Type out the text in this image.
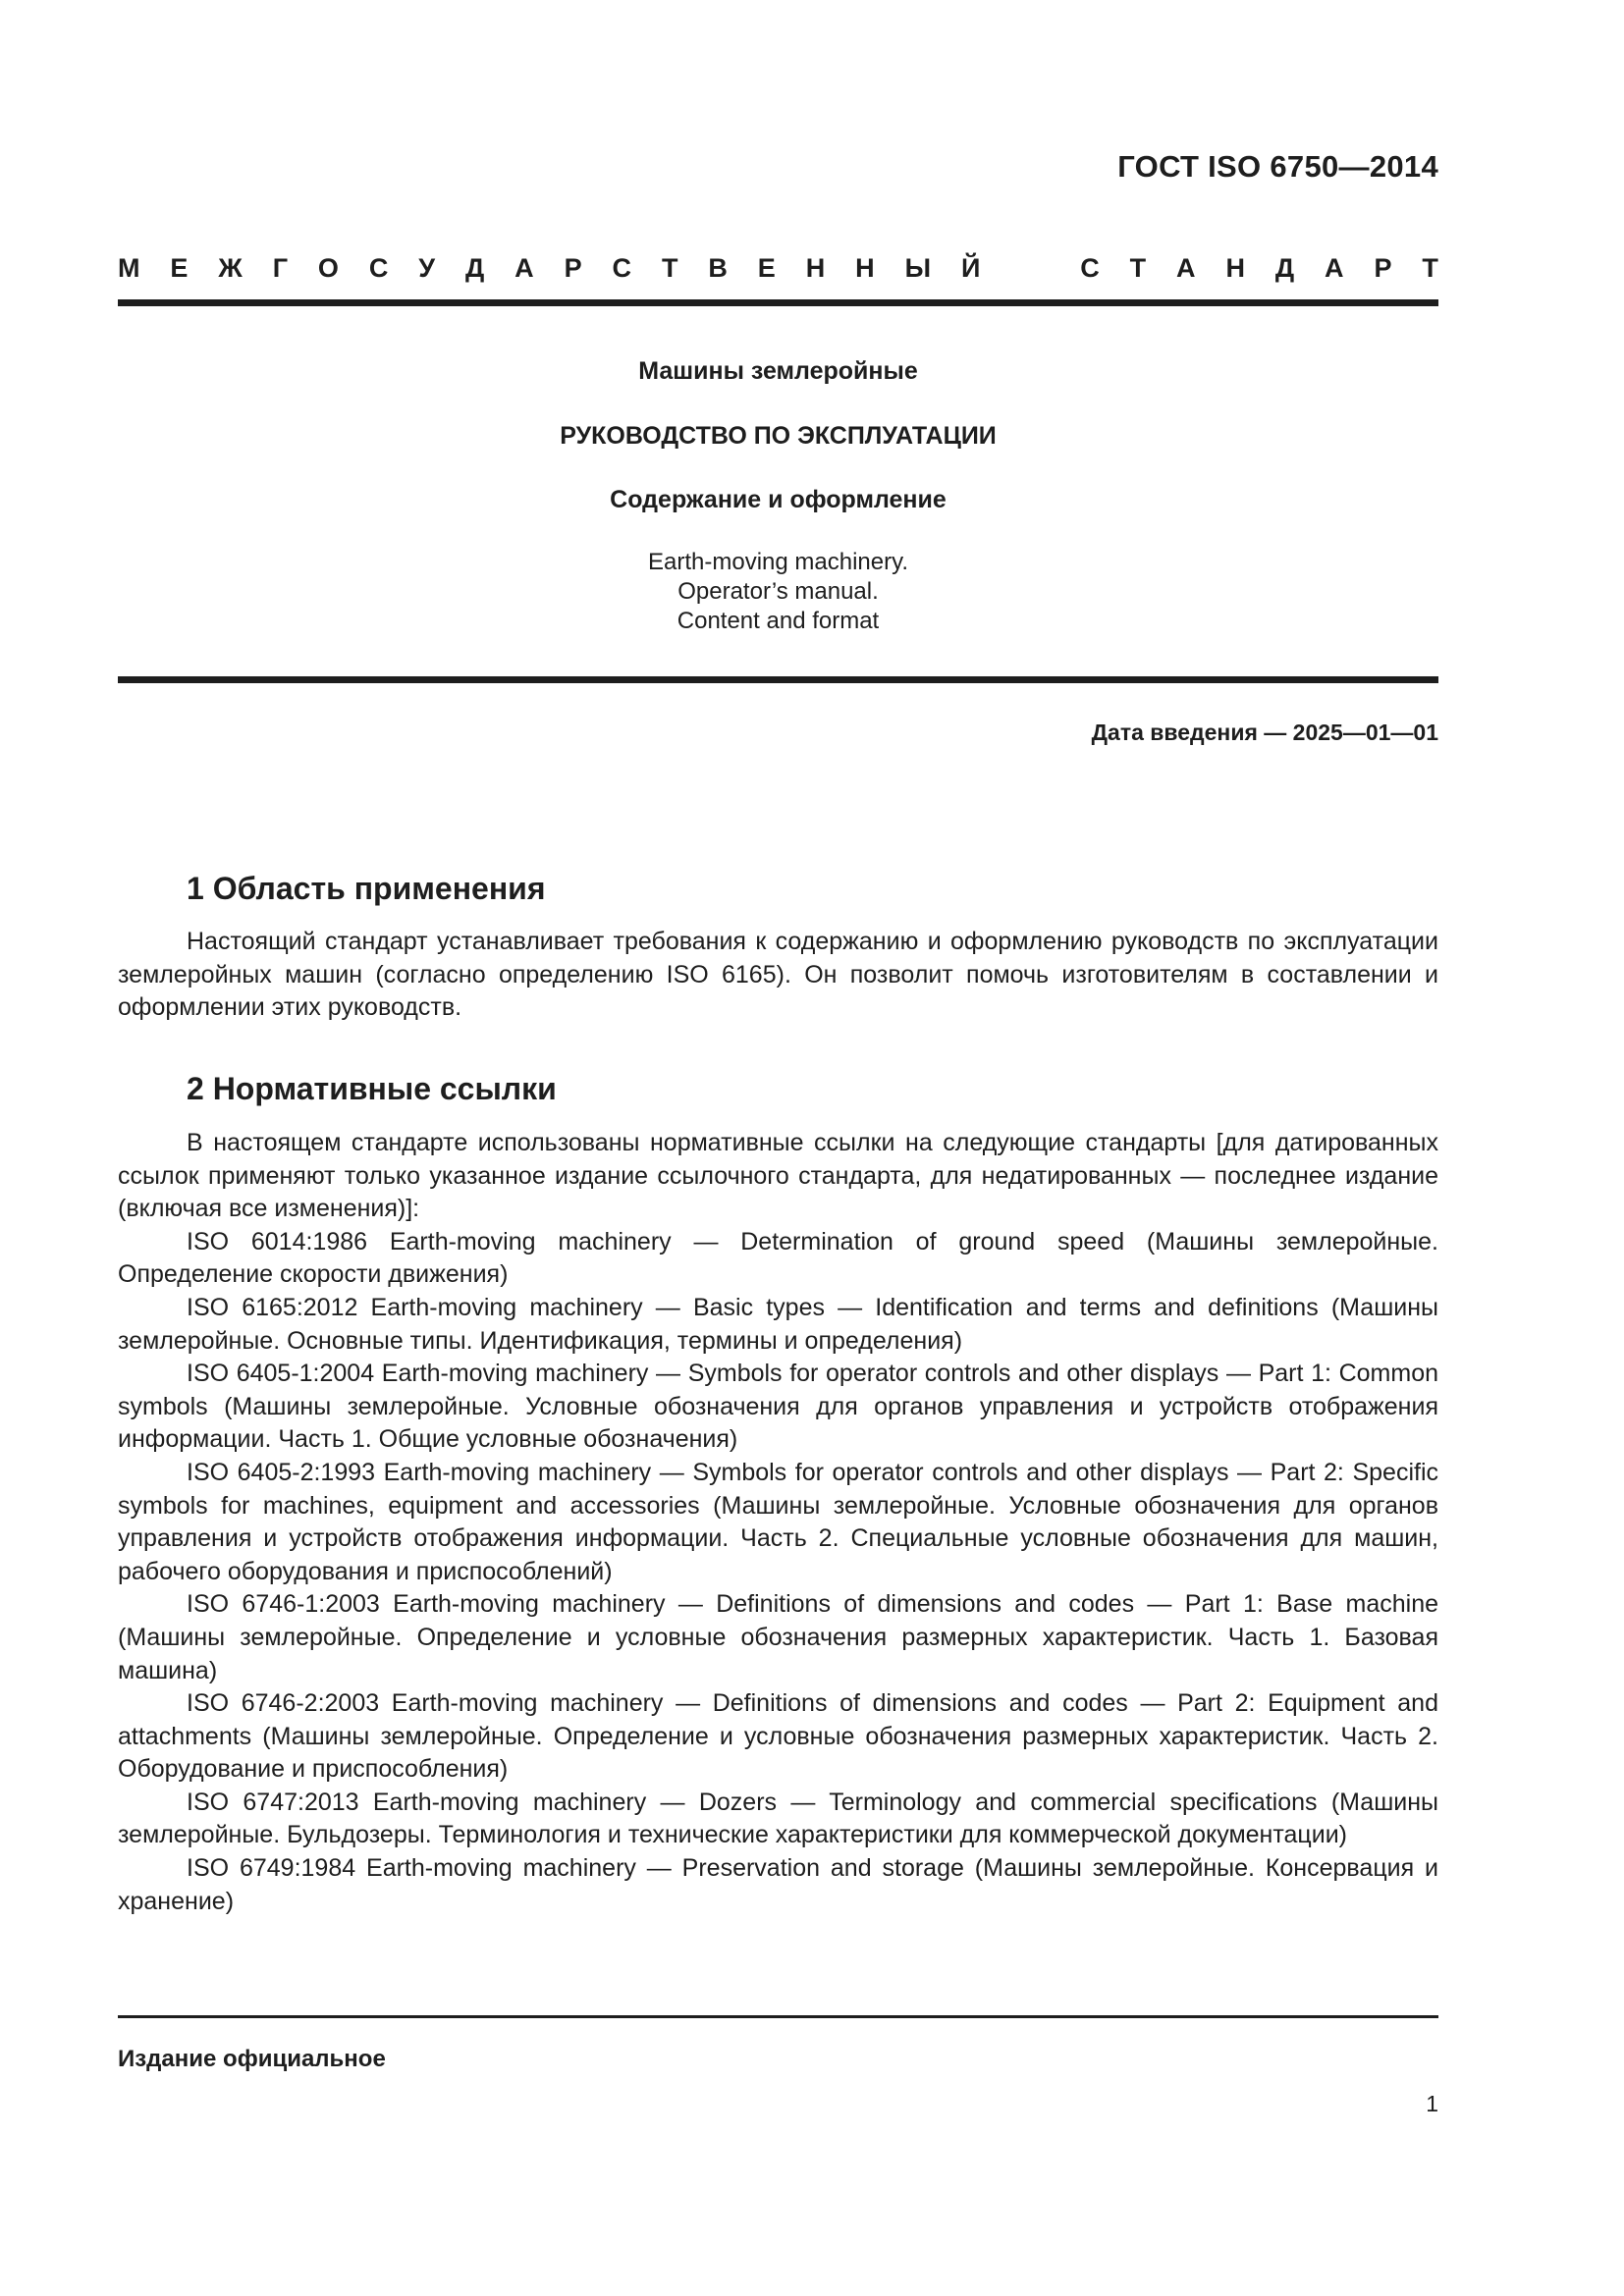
ГОСТ ISO 6750—2014
М Е Ж Г О С У Д А Р С Т В Е Н Н Ы Й	С Т А Н Д А Р Т
Машины землеройные
РУКОВОДСТВО ПО ЭКСПЛУАТАЦИИ
Содержание и оформление
Earth-moving machinery.
Operator’s manual.
Content and format
Дата введения — 2025—01—01
1 Область применения

Настоящий стандарт устанавливает требования к содержанию и оформлению руководств по эксплуатации землеройных машин (согласно определению ISO 6165). Он позволит помочь изготовителям в составлении и оформлении этих руководств.

2 Нормативные ссылки

В настоящем стандарте использованы нормативные ссылки на следующие стандарты [для датированных ссылок применяют только указанное издание ссылочного стандарта, для недатированных — последнее издание (включая все изменения)]:

ISO 6014:1986 Earth-moving machinery — Determination of ground speed (Машины землеройные. Определение скорости движения)

ISO 6165:2012 Earth-moving machinery — Basic types — Identification and terms and definitions (Машины землеройные. Основные типы. Идентификация, термины и определения)

ISO 6405-1:2004 Earth-moving machinery — Symbols for operator controls and other displays — Part 1: Common symbols (Машины землеройные. Условные обозначения для органов управления и устройств отображения информации. Часть 1. Общие условные обозначения)

ISO 6405-2:1993 Earth-moving machinery — Symbols for operator controls and other displays — Part 2: Specific symbols for machines, equipment and accessories (Машины землеройные. Условные обозначения для органов управления и устройств отображения информации. Часть 2. Специальные условные обозначения для машин, рабочего оборудования и приспособлений)

ISO 6746-1:2003 Earth-moving machinery — Definitions of dimensions and codes — Part 1: Base machine (Машины землеройные. Определение и условные обозначения размерных характеристик. Часть 1. Базовая машина)

ISO 6746-2:2003 Earth-moving machinery — Definitions of dimensions and codes — Part 2: Equipment and attachments (Машины землеройные. Определение и условные обозначения размерных характеристик. Часть 2. Оборудование и приспособления)

ISO 6747:2013 Earth-moving machinery — Dozers — Terminology and commercial specifications (Машины землеройные. Бульдозеры. Терминология и технические характеристики для коммерческой документации)

ISO 6749:1984 Earth-moving machinery — Preservation and storage (Машины землеройные. Консервация и хранение)

Издание официальное
1
